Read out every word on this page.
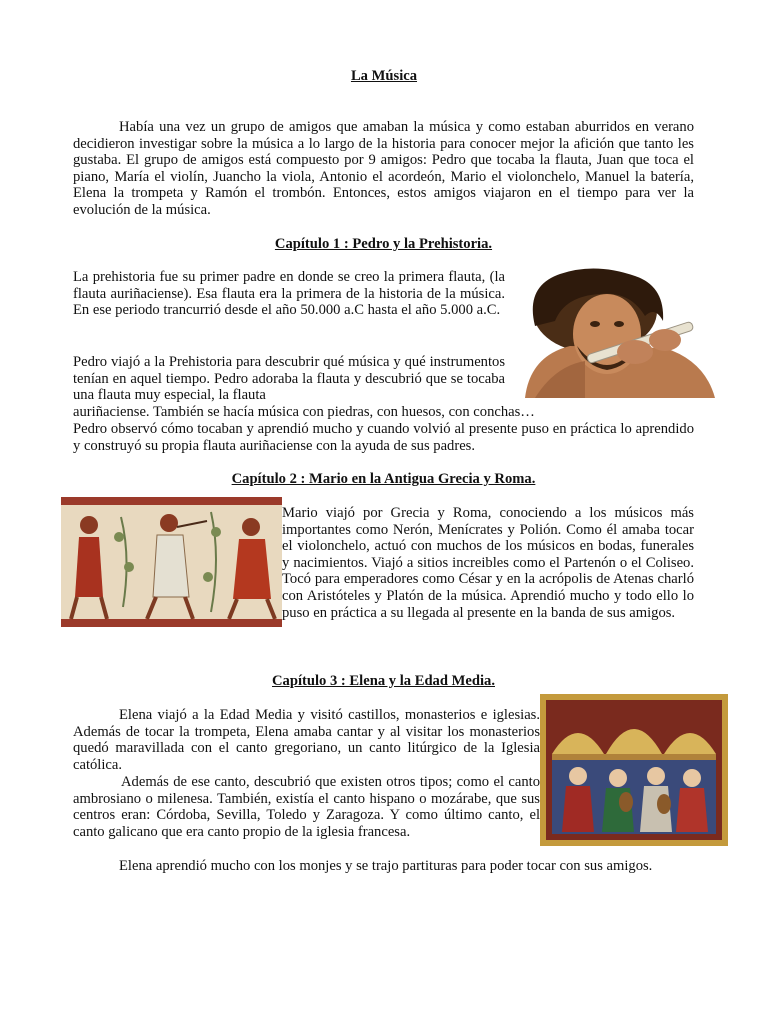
La Música

Había una vez un grupo de amigos que amaban la música y como estaban aburridos en verano decidieron investigar sobre la música a lo largo de la historia para conocer mejor la afición que tanto les gustaba. El grupo de amigos está compuesto por 9 amigos: Pedro que tocaba la flauta, Juan que toca el piano, María el violín, Juancho la viola, Antonio el acordeón, Mario el violonchelo, Manuel la batería, Elena la trompeta y Ramón el trombón. Entonces, estos amigos viajaron en el tiempo para ver la evolución de la música.

Capítulo 1 : Pedro y la Prehistoria.

La prehistoria fue su primer padre en donde se creo la primera flauta, (la flauta auriñaciense). Esa flauta era la primera de la historia de la música. En ese periodo trancurrió desde el año 50.000 a.C hasta el año 5.000 a.C.

Pedro viajó a la Prehistoria para descubrir qué música y qué instrumentos tenían en aquel tiempo. Pedro adoraba la flauta y descubrió que se tocaba una flauta muy especial, la flauta

auriñaciense. También se hacía música con piedras, con huesos, con conchas…

Pedro observó cómo tocaban y aprendió mucho y cuando volvió al presente puso en práctica lo aprendido y construyó su propia flauta auriñaciense con la ayuda de sus padres.

Capítulo 2 : Mario en la Antigua Grecia y Roma.

Mario viajó por Grecia y Roma, conociendo a los músicos más importantes como Nerón, Menícrates y Polión. Como él amaba tocar el violonchelo, actuó con muchos de los músicos en bodas, funerales y nacimientos. Viajó a sitios increibles como el Partenón o el Coliseo. Tocó para emperadores como César y en la acrópolis de Atenas charló con Aristóteles y Platón de la música. Aprendió mucho y todo ello lo puso en práctica a su llegada al presente en la banda de sus amigos.

Capítulo 3 : Elena y la Edad Media.

Elena viajó a la Edad Media y visitó castillos, monasterios e iglesias. Además de tocar la trompeta, Elena amaba cantar y al visitar los monasterios quedó maravillada con el canto gregoriano, un canto litúrgico de la Iglesia católica.

Además de ese canto, descubrió que existen otros tipos; como el canto ambrosiano o milenesa. También, existía el canto hispano o mozárabe, que sus centros eran: Córdoba, Sevilla, Toledo y Zaragoza. Y como último canto, el canto galicano que era canto propio de la iglesia francesa.

Elena aprendió mucho con los monjes y se trajo partituras para poder tocar con sus amigos.
